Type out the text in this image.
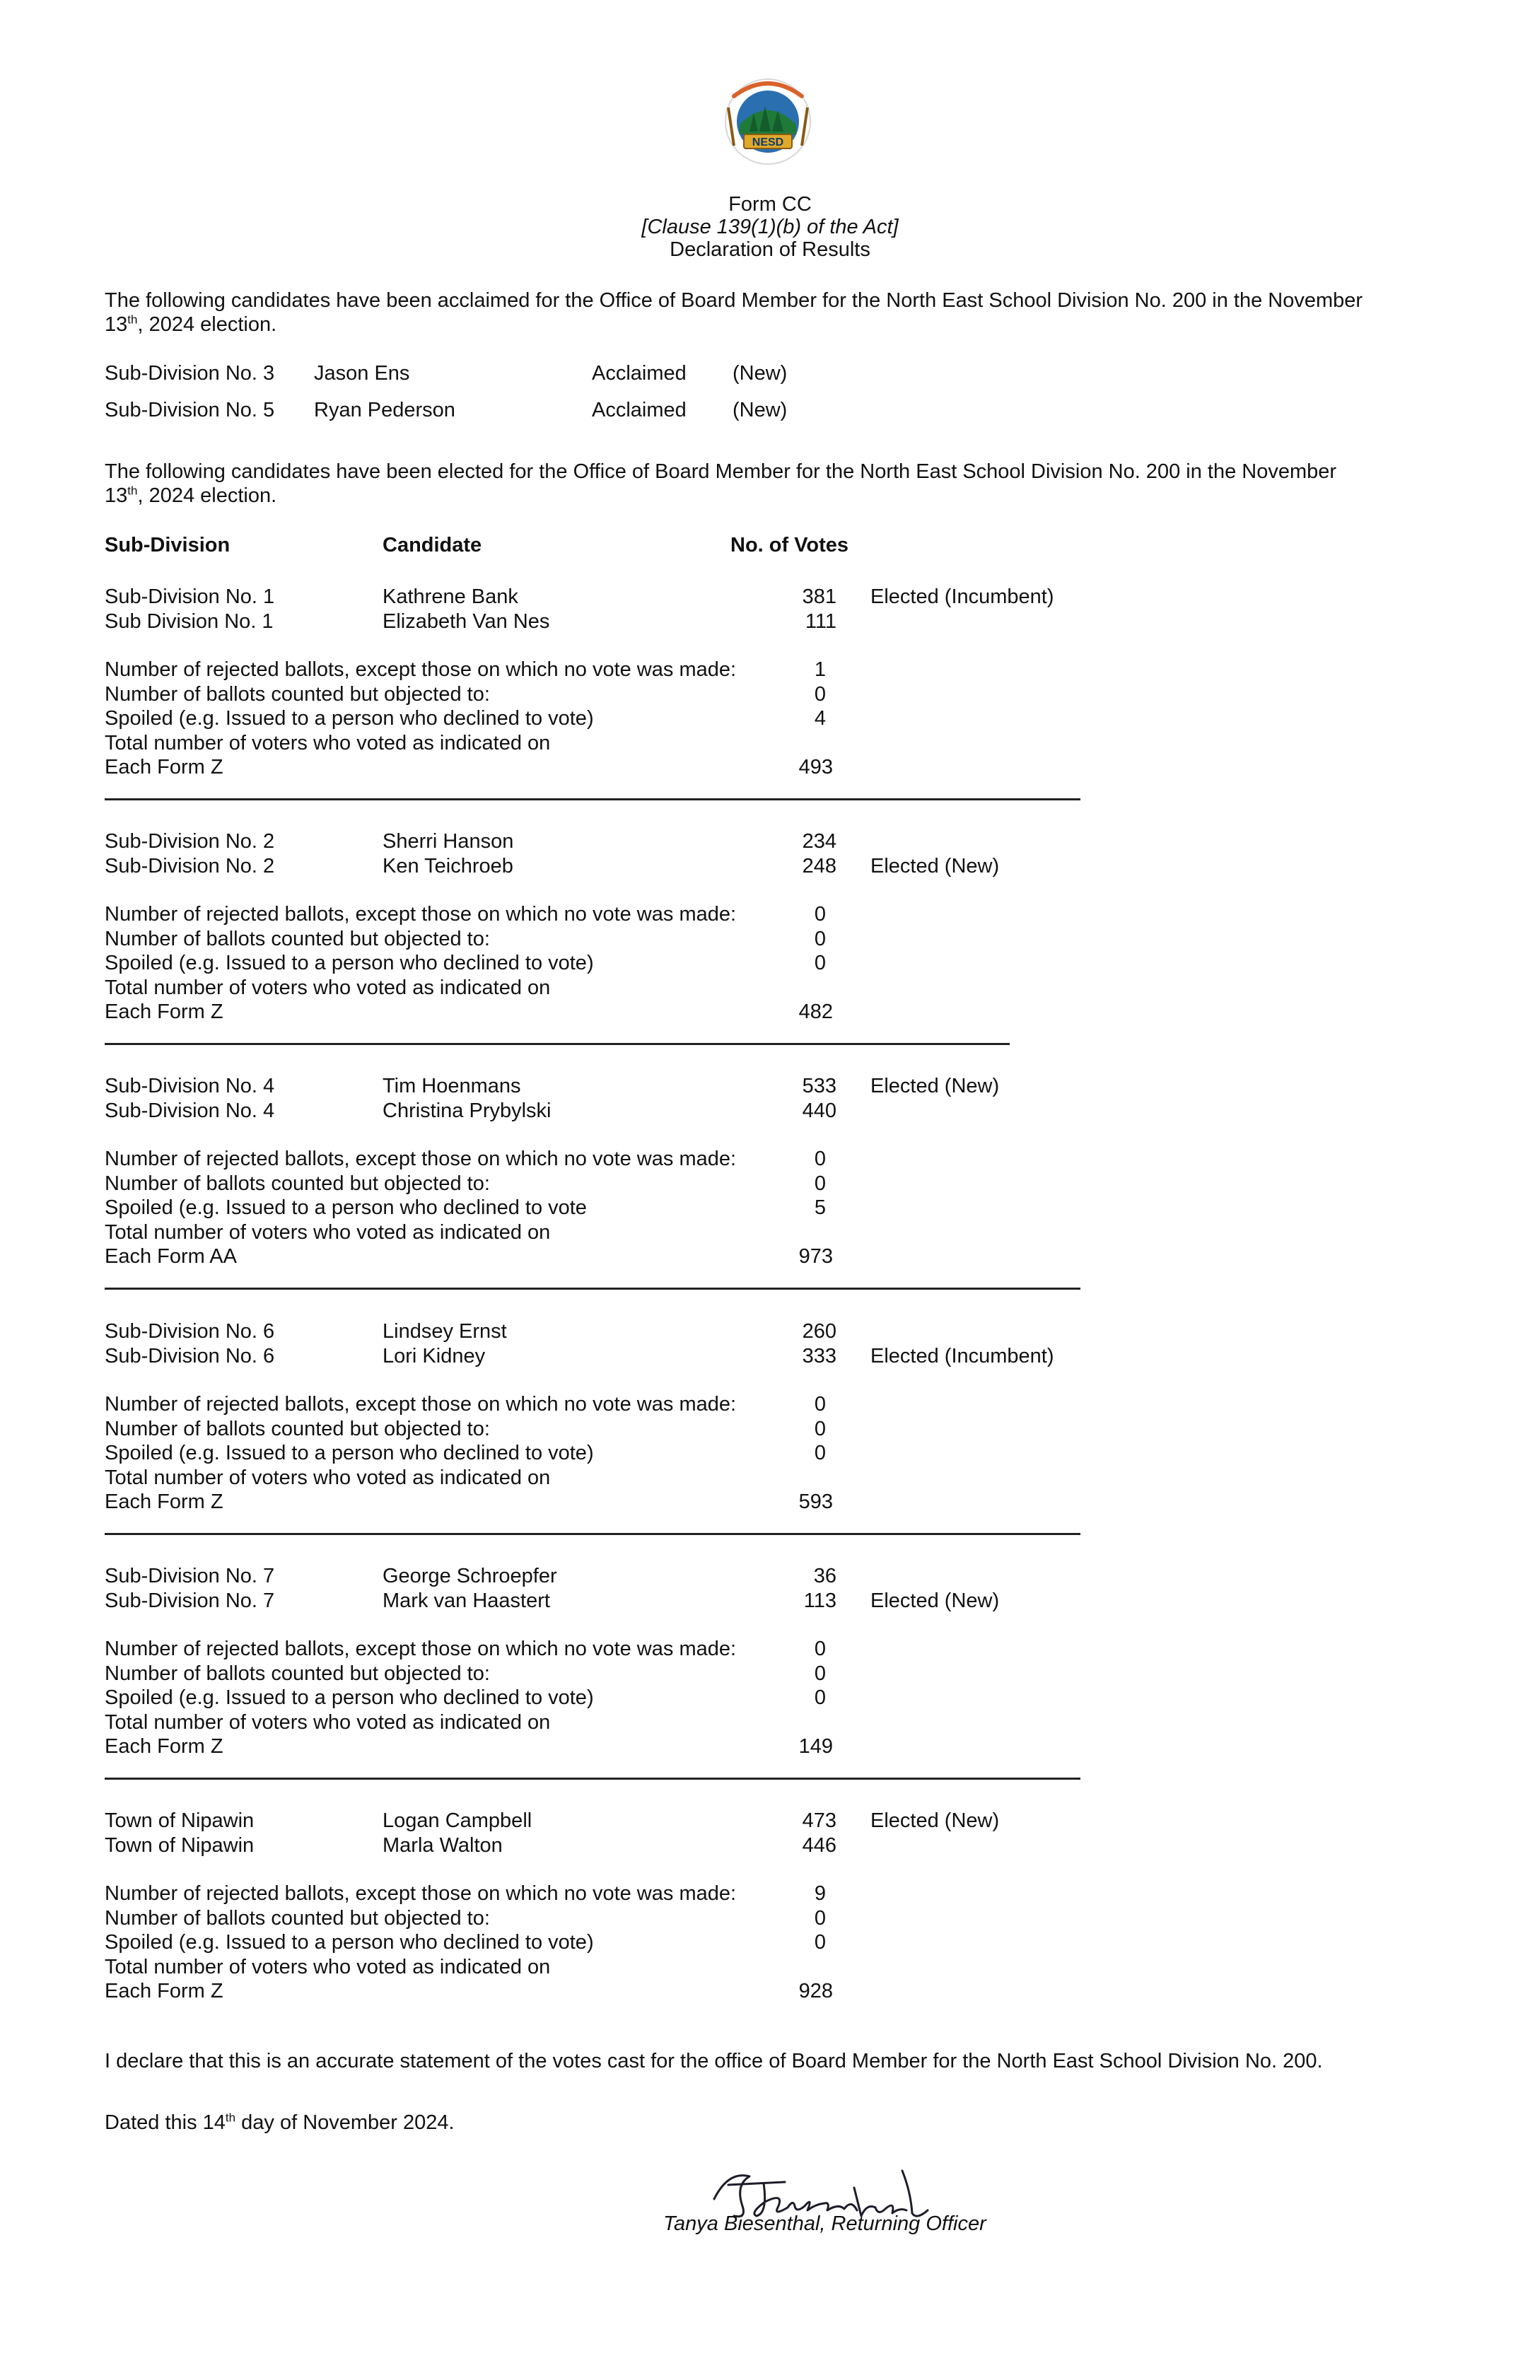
NESD
Form CC
[Clause 139(1)(b) of the Act]
Declaration of Results
The following candidates have been acclaimed for the Office of Board Member for the North East School Division No. 200 in the November
13th, 2024 election.
Sub-Division No. 3 Jason Ens	Acclaimed (New)
Sub-Division No. 5 Ryan Pederson	Acclaimed (New)
The following candidates have been elected for the Office of Board Member for the North East School Division No. 200 in the November
13th, 2024 election.
Sub-Division	Candidate	No. of Votes
Sub-Division No. 1	Kathrene Bank	381 Elected (Incumbent)
Sub Division No. 1	Elizabeth Van Nes	111
Number of rejected ballots, except those on which no vote was made:	1
Number of ballots counted but objected to:	0
Spoiled (e.g. Issued to a person who declined to vote)	4
Total number of voters who voted as indicated on
Each Form Z	493
Sub-Division No. 2	Sherri Hanson	234
Sub-Division No. 2	Ken Teichroeb	248 Elected (New)
Number of rejected ballots, except those on which no vote was made:	0
Number of ballots counted but objected to:	0
Spoiled (e.g. Issued to a person who declined to vote)	0
Total number of voters who voted as indicated on
Each Form Z	482
Sub-Division No. 4	Tim Hoenmans	533 Elected (New)
Sub-Division No. 4	Christina Prybylski	440
Number of rejected ballots, except those on which no vote was made:	0
Number of ballots counted but objected to:	0
Spoiled (e.g. Issued to a person who declined to vote	5
Total number of voters who voted as indicated on
Each Form AA	973
Sub-Division No. 6	Lindsey Ernst	260
Sub-Division No. 6	Lori Kidney	333 Elected (Incumbent)
Number of rejected ballots, except those on which no vote was made:	0
Number of ballots counted but objected to:	0
Spoiled (e.g. Issued to a person who declined to vote)	0
Total number of voters who voted as indicated on
Each Form Z	593
Sub-Division No. 7	George Schroepfer	36
Sub-Division No. 7	Mark van Haastert	113 Elected (New)
Number of rejected ballots, except those on which no vote was made:	0
Number of ballots counted but objected to:	0
Spoiled (e.g. Issued to a person who declined to vote)	0
Total number of voters who voted as indicated on
Each Form Z	149
Town of Nipawin	Logan Campbell	473 Elected (New)
Town of Nipawin	Marla Walton	446
Number of rejected ballots, except those on which no vote was made:	9
Number of ballots counted but objected to:	0
Spoiled (e.g. Issued to a person who declined to vote)	0
Total number of voters who voted as indicated on
Each Form Z	928
I declare that this is an accurate statement of the votes cast for the office of Board Member for the North East School Division No. 200.
Dated this 14th day of November 2024.
Tanya Biesenthal, Returning Officer
